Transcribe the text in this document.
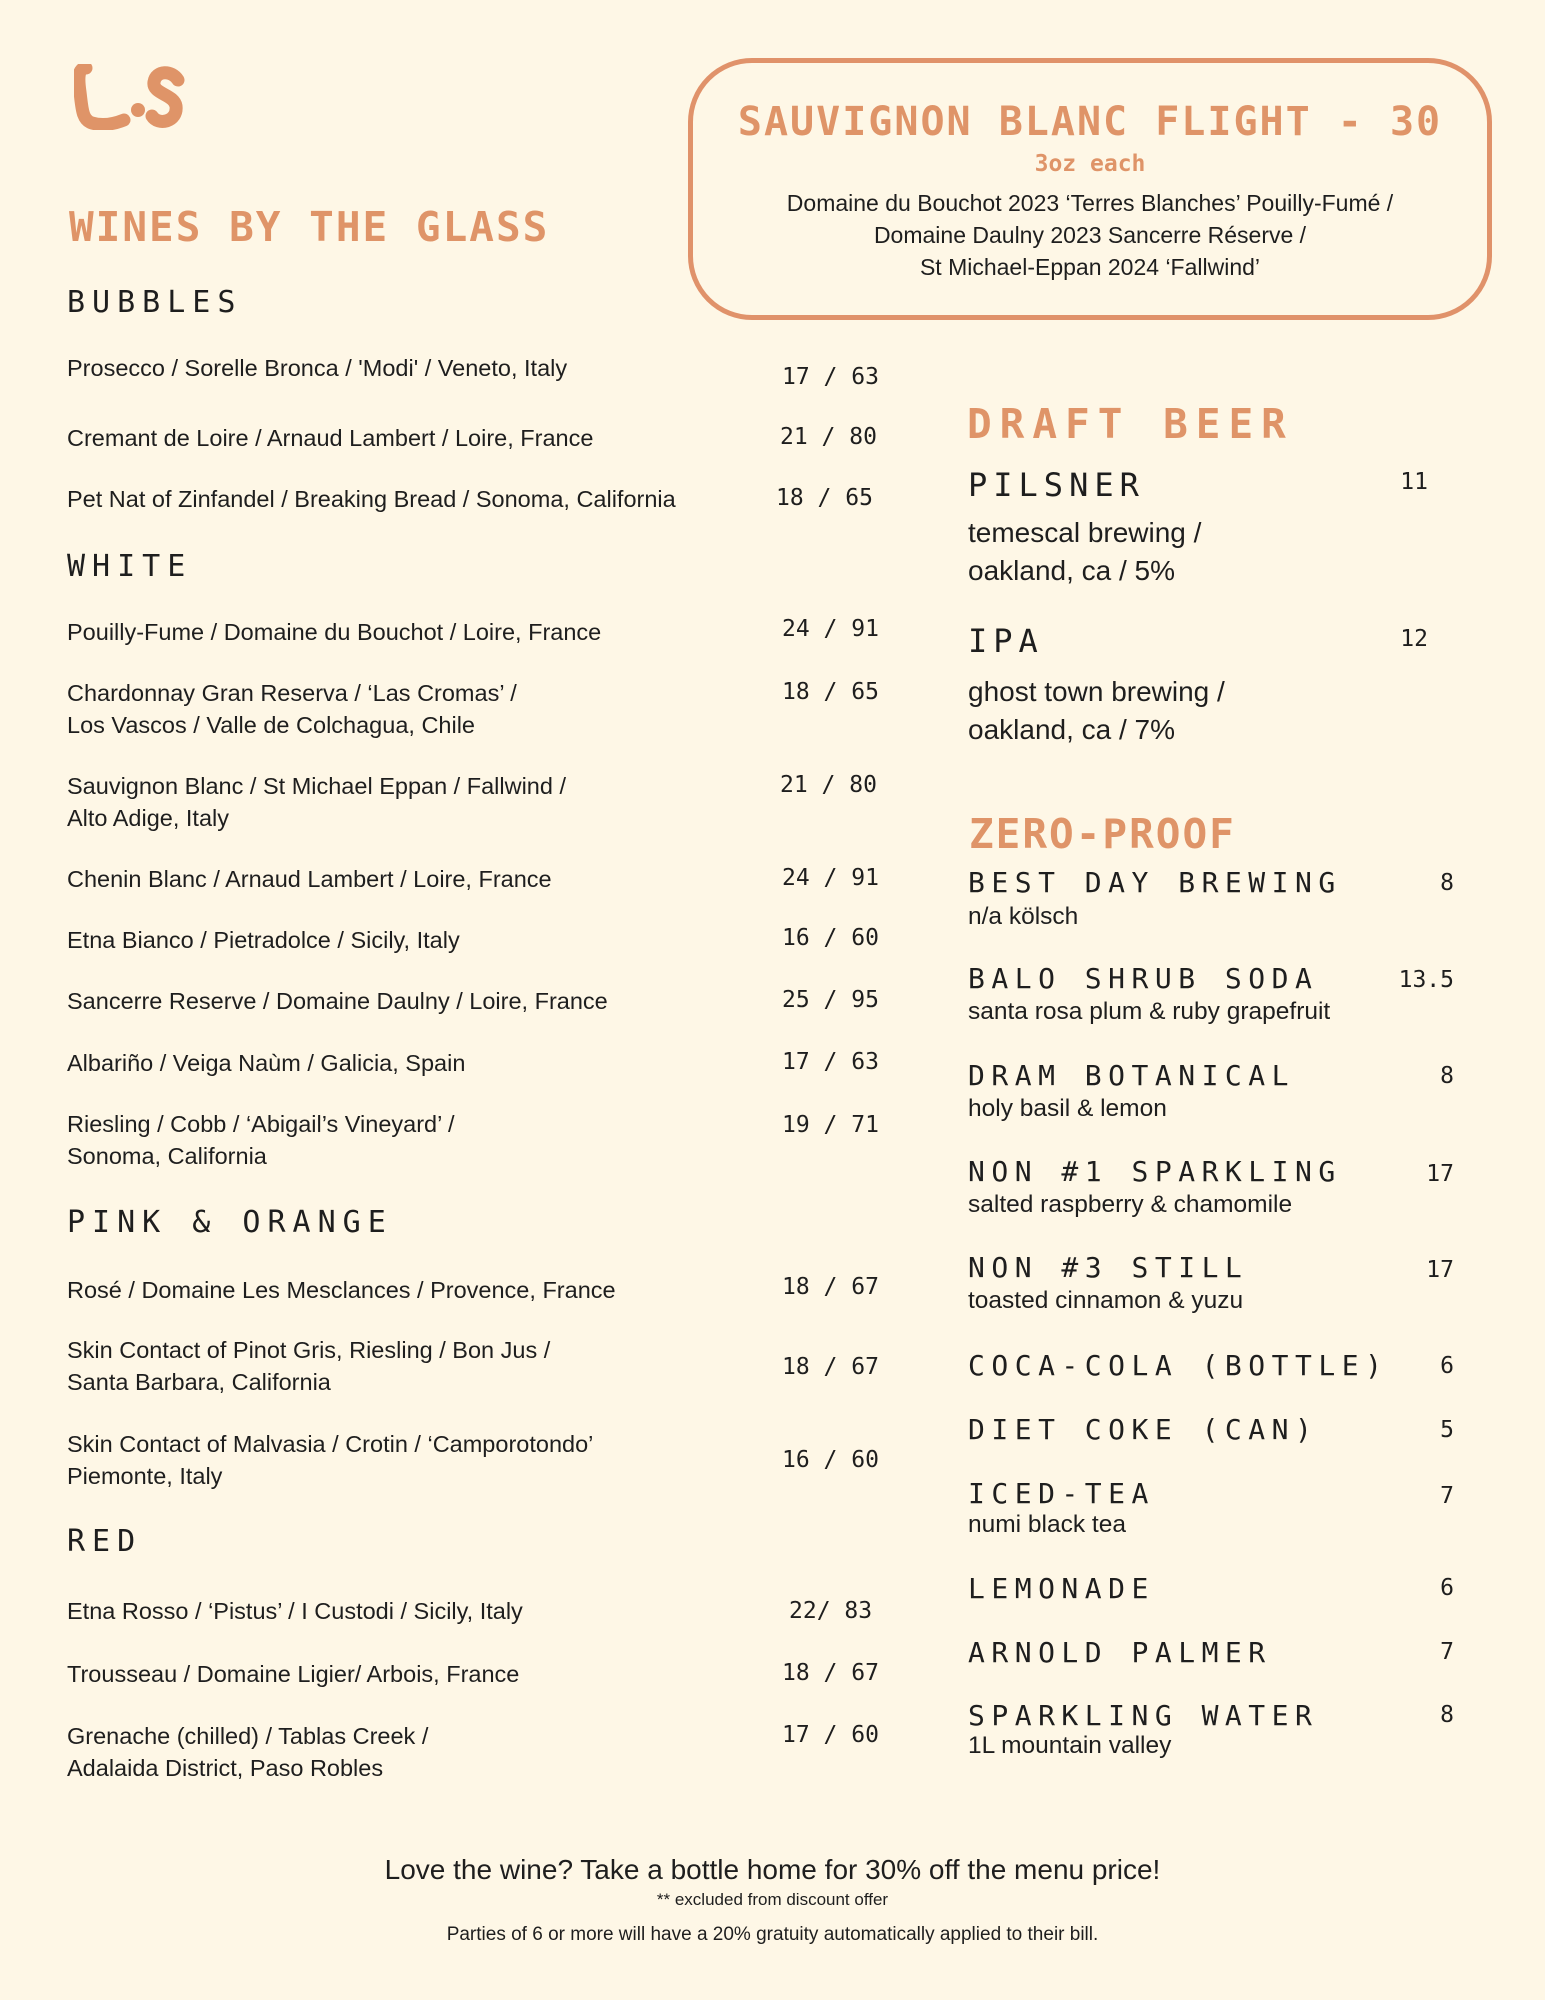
SAUVIGNON BLANC FLIGHT - 30
3oz each
Domaine du Bouchot 2023 ‘Terres Blanches’ Pouilly-Fumé /
Domaine Daulny 2023 Sancerre Réserve /
St Michael-Eppan 2024 ‘Fallwind’
WINES BY THE GLASS
BUBBLES
Prosecco / Sorelle Bronca / 'Modi' / Veneto, Italy	17 / 63
Cremant de Loire / Arnaud Lambert / Loire, France	21 / 80
Pet Nat of Zinfandel / Breaking Bread / Sonoma, California	18 / 65
WHITE
Pouilly-Fume / Domaine du Bouchot / Loire, France	24 / 91
Chardonnay Gran Reserva / ‘Las Cromas’ /
Los Vascos / Valle de Colchagua, Chile
18 / 65
Sauvignon Blanc / St Michael Eppan / Fallwind /
Alto Adige, Italy
21 / 80
Chenin Blanc / Arnaud Lambert / Loire, France	24 / 91
Etna Bianco / Pietradolce / Sicily, Italy	16 / 60
Sancerre Reserve / Domaine Daulny / Loire, France	25 / 95
Albariño / Veiga Naùm / Galicia, Spain	17 / 63
Riesling / Cobb / ‘Abigail’s Vineyard’ /
Sonoma, California
19 / 71
PINK & ORANGE
Rosé / Domaine Les Mesclances / Provence, France	18 / 67
Skin Contact of Pinot Gris, Riesling / Bon Jus /
Santa Barbara, California
18 / 67
Skin Contact of Malvasia / Crotin / ‘Camporotondo’
Piemonte, Italy
16 / 60
RED
Etna Rosso / ‘Pistus’ / I Custodi / Sicily, Italy	22/ 83
Trousseau / Domaine Ligier/ Arbois, France	18 / 67
Grenache (chilled) / Tablas Creek /
Adalaida District, Paso Robles
17 / 60
DRAFT BEER
PILSNER	11
temescal brewing /
oakland, ca / 5%
IPA	12
ghost town brewing /
oakland, ca / 7%
ZERO-PROOF
BEST DAY BREWING	8
n/a kölsch
BALO SHRUB SODA	13.5
santa rosa plum & ruby grapefruit
DRAM BOTANICAL	8
holy basil & lemon
NON #1 SPARKLING	17
salted raspberry & chamomile
NON #3 STILL	17
toasted cinnamon & yuzu
COCA-COLA (BOTTLE)	6
DIET COKE (CAN)	5
ICED-TEA	7
numi black tea
LEMONADE	6
ARNOLD PALMER	7
SPARKLING WATER	8
1L mountain valley
Love the wine? Take a bottle home for 30% off the menu price!
** excluded from discount offer
Parties of 6 or more will have a 20% gratuity automatically applied to their bill.
